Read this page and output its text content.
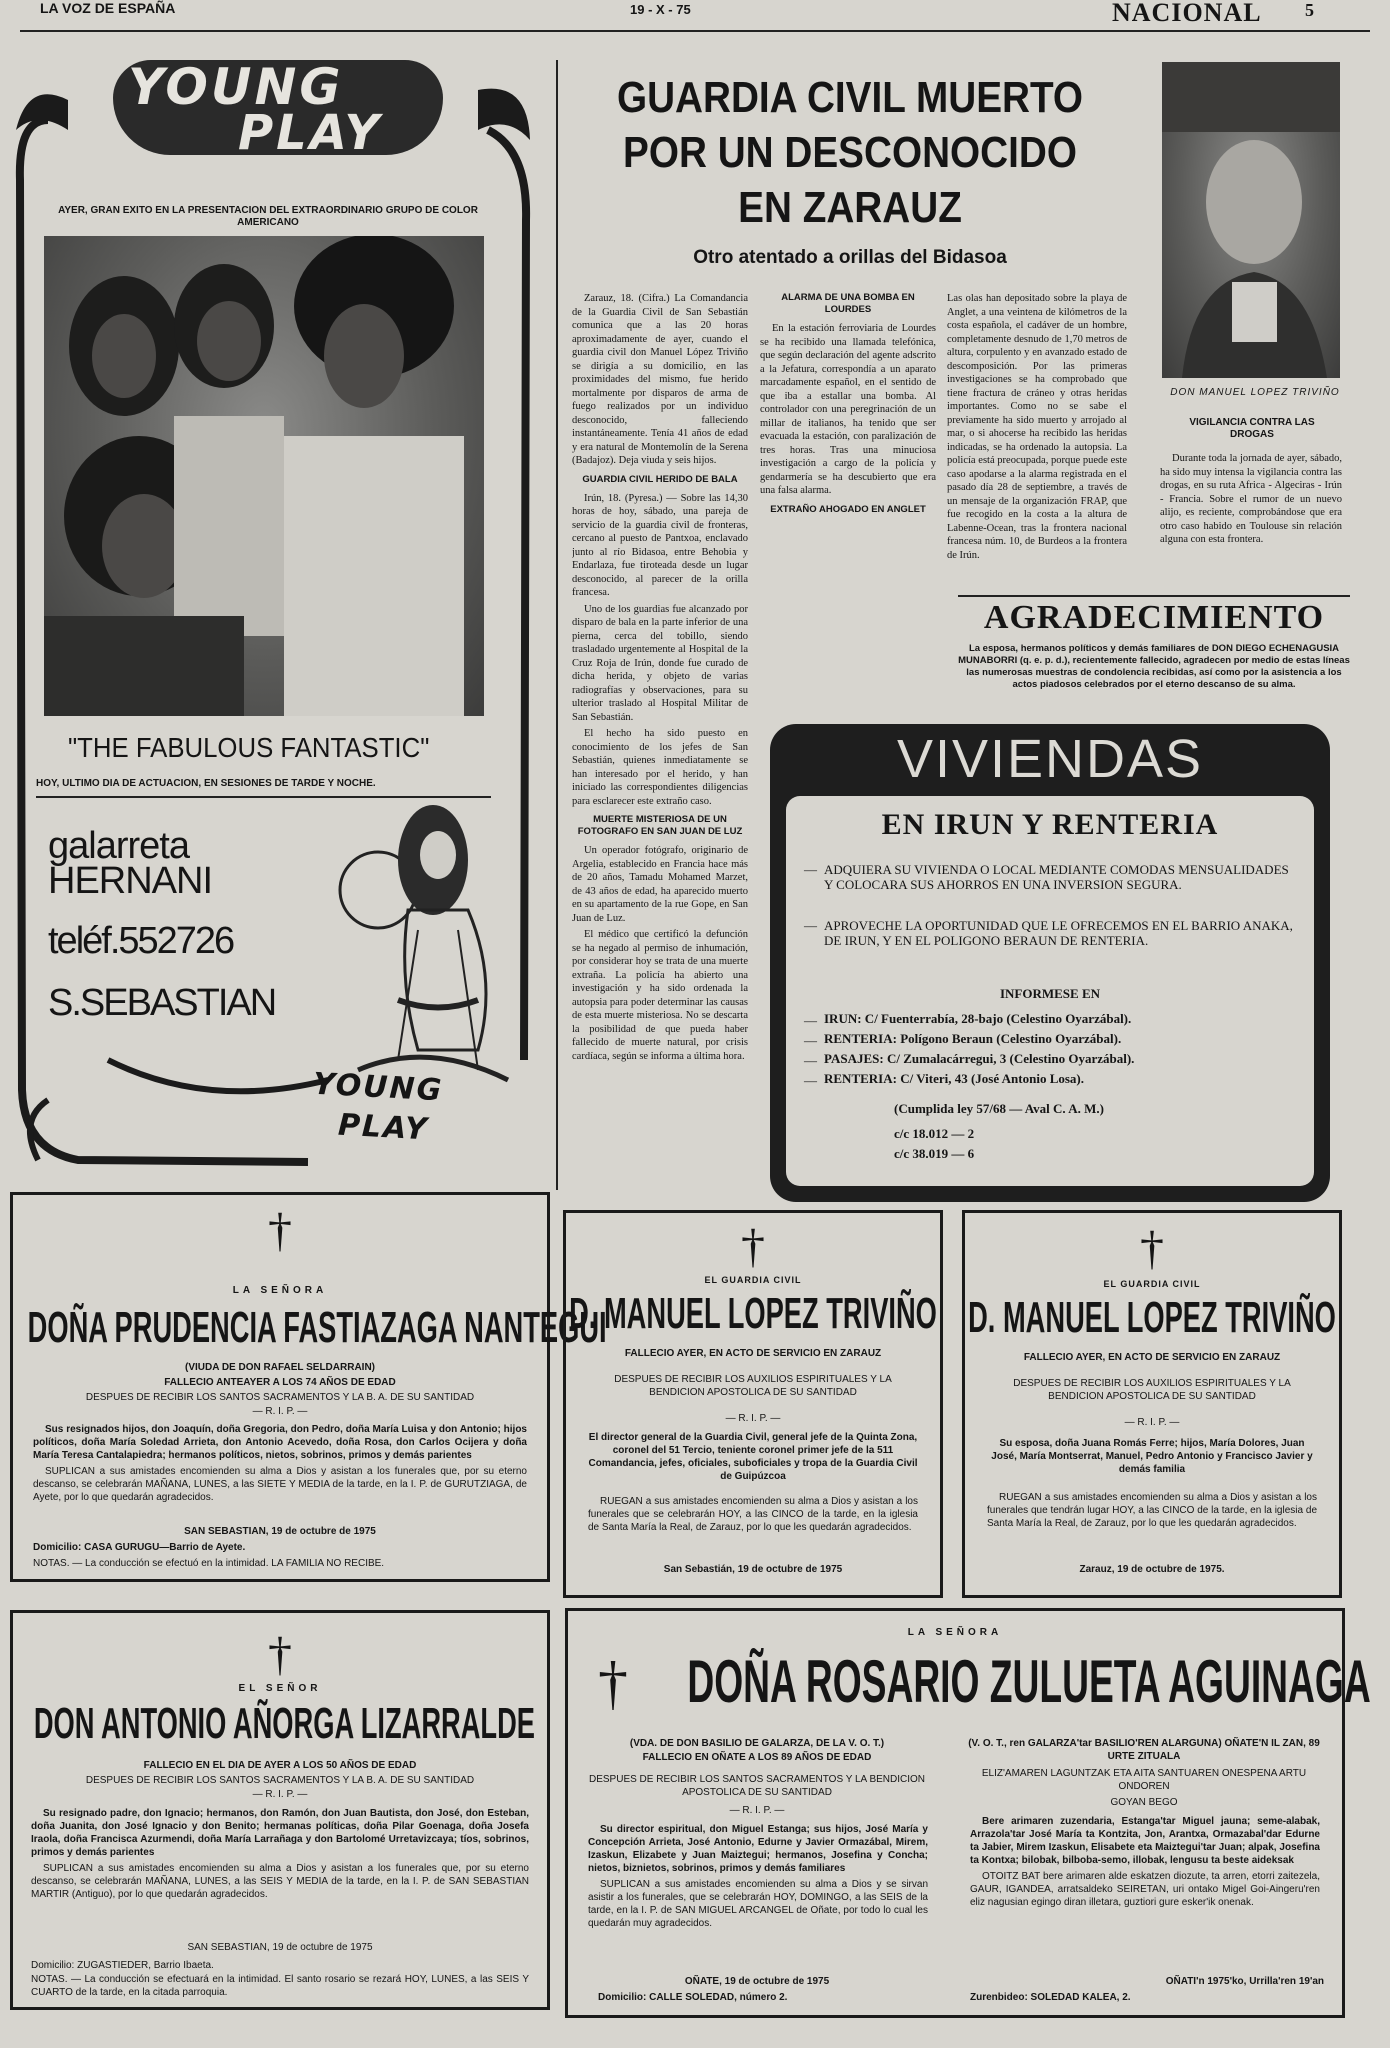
LA VOZ DE ESPAÑA	19 - X - 75	NACIONAL 5
YOUNG
PLAY
AYER, GRAN EXITO EN LA PRESENTACION DEL EXTRAORDINARIO GRUPO DE COLOR AMERICANO
"THE FABULOUS FANTASTIC"
HOY, ULTIMO DIA DE ACTUACION, EN SESIONES DE TARDE Y NOCHE.
galarreta
HERNANI
teléf.552726
S.SEBASTIAN
YOUNG
PLAY
GUARDIA CIVIL MUERTO
POR UN DESCONOCIDO
EN ZARAUZ
Otro atentado a orillas del Bidasoa

Zarauz, 18. (Cifra.) La Comandancia de la Guardia Civil de San Sebastián comunica que a las 20 horas aproximadamente de ayer, cuando el guardia civil don Manuel López Triviño se dirigía a su domicilio, en las proximidades del mismo, fue herido mortalmente por disparos de arma de fuego realizados por un individuo desconocido, falleciendo instantáneamente. Tenía 41 años de edad y era natural de Montemolín de la Serena (Badajoz). Deja viuda y seis hijos.

GUARDIA CIVIL HERIDO DE BALA

Irún, 18. (Pyresa.) — Sobre las 14,30 horas de hoy, sábado, una pareja de servicio de la guardia civil de fronteras, cercano al puesto de Pantxoa, enclavado junto al río Bidasoa, entre Behobia y Endarlaza, fue tiroteada desde un lugar desconocido, al parecer de la orilla francesa.

Uno de los guardias fue alcanzado por disparo de bala en la parte inferior de una pierna, cerca del tobillo, siendo trasladado urgentemente al Hospital de la Cruz Roja de Irún, donde fue curado de dicha herida, y objeto de varias radiografías y observaciones, para su ulterior traslado al Hospital Militar de San Sebastián.

El hecho ha sido puesto en conocimiento de los jefes de San Sebastián, quienes inmediatamente se han interesado por el herido, y han iniciado las correspondientes diligencias para esclarecer este extraño caso.

MUERTE MISTERIOSA DE UN FOTOGRAFO EN SAN JUAN DE LUZ

Un operador fotógrafo, originario de Argelia, establecido en Francia hace más de 20 años, Tamadu Mohamed Marzet, de 43 años de edad, ha aparecido muerto en su apartamento de la rue Gope, en San Juan de Luz.

El médico que certificó la defunción se ha negado al permiso de inhumación, por considerar hoy se trata de una muerte extraña. La policía ha abierto una investigación y ha sido ordenada la autopsia para poder determinar las causas de esta muerte misteriosa. No se descarta la posibilidad de que pueda haber fallecido de muerte natural, por crisis cardíaca, según se informa a última hora.

ALARMA DE UNA BOMBA EN LOURDES

En la estación ferroviaria de Lourdes se ha recibido una llamada telefónica, que según declaración del agente adscrito a la Jefatura, correspondía a un aparato marcadamente español, en el sentido de que iba a estallar una bomba. Al controlador con una peregrinación de un millar de italianos, ha tenido que ser evacuada la estación, con paralización de tres horas. Tras una minuciosa investigación a cargo de la policía y gendarmería se ha descubierto que era una falsa alarma.

EXTRAÑO AHOGADO EN ANGLET

Las olas han depositado sobre la playa de Anglet, a una veintena de kilómetros de la costa española, el cadáver de un hombre, completamente desnudo de 1,70 metros de altura, corpulento y en avanzado estado de descomposición. Por las primeras investigaciones se ha comprobado que tiene fractura de cráneo y otras heridas importantes. Como no se sabe el previamente ha sido muerto y arrojado al mar, o si ahocerse ha recibido las heridas indicadas, se ha ordenado la autopsia. La policía está preocupada, porque puede este caso apodarse a la alarma registrada en el pasado día 28 de septiembre, a través de un mensaje de la organización FRAP, que fue recogido en la costa a la altura de Labenne-Ocean, tras la frontera nacional francesa núm. 10, de Burdeos a la frontera de Irún.

DON MANUEL LOPEZ TRIVIÑO
VIGILANCIA CONTRA LAS DROGAS

Durante toda la jornada de ayer, sábado, ha sido muy intensa la vigilancia contra las drogas, en su ruta Africa - Algeciras - Irún - Francia. Sobre el rumor de un nuevo alijo, es reciente, comprobándose que era otro caso habido en Toulouse sin relación alguna con esta frontera.

AGRADECIMIENTO
La esposa, hermanos políticos y demás familiares de DON DIEGO ECHENAGUSIA MUNABORRI (q. e. p. d.), recientemente fallecido, agradecen por medio de estas líneas las numerosas muestras de condolencia recibidas, así como por la asistencia a los actos piadosos celebrados por el eterno descanso de su alma.
VIVIENDAS
EN IRUN Y RENTERIA
— ADQUIERA SU VIVIENDA O LOCAL MEDIANTE COMODAS MENSUALIDADES Y COLOCARA SUS AHORROS EN UNA INVERSION SEGURA.
— APROVECHE LA OPORTUNIDAD QUE LE OFRECEMOS EN EL BARRIO ANAKA, DE IRUN, Y EN EL POLIGONO BERAUN DE RENTERIA.
INFORMESE EN
IRUN: C/ Fuenterrabía, 28-bajo (Celestino Oyarzábal).
RENTERIA: Polígono Beraun (Celestino Oyarzábal).
PASAJES: C/ Zumalacárregui, 3 (Celestino Oyarzábal).
RENTERIA: C/ Viteri, 43 (José Antonio Losa).
—
—
—
—
(Cumplida ley 57/68 — Aval C. A. M.)
c/c 18.012 — 2
c/c 38.019 — 6
†
LA SEÑORA
DOÑA PRUDENCIA FASTIAZAGA NANTEGUI
(VIUDA DE DON RAFAEL SELDARRAIN)
FALLECIO ANTEAYER A LOS 74 AÑOS DE EDAD
DESPUES DE RECIBIR LOS SANTOS SACRAMENTOS Y LA B. A. DE SU SANTIDAD
— R. I. P. —

Sus resignados hijos, don Joaquín, doña Gregoria, don Pedro, doña María Luisa y don Antonio; hijos políticos, doña María Soledad Arrieta, don Antonio Acevedo, doña Rosa, don Carlos Ocijera y doña María Teresa Cantalapiedra; hermanos políticos, nietos, sobrinos, primos y demás parientes

SUPLICAN a sus amistades encomienden su alma a Dios y asistan a los funerales que, por su eterno descanso, se celebrarán MAÑANA, LUNES, a las SIETE Y MEDIA de la tarde, en la I. P. de GURUTZIAGA, de Ayete, por lo que quedarán agradecidos.

SAN SEBASTIAN, 19 de octubre de 1975
Domicilio: CASA GURUGU—Barrio de Ayete.
NOTAS. — La conducción se efectuó en la intimidad. LA FAMILIA NO RECIBE.
†
EL GUARDIA CIVIL
D. MANUEL LOPEZ TRIVIÑO
FALLECIO AYER, EN ACTO DE SERVICIO EN ZARAUZ
DESPUES DE RECIBIR LOS AUXILIOS ESPIRITUALES Y LA BENDICION APOSTOLICA DE SU SANTIDAD
— R. I. P. —
El director general de la Guardia Civil, general jefe de la Quinta Zona, coronel del 51 Tercio, teniente coronel primer jefe de la 511 Comandancia, jefes, oficiales, suboficiales y tropa de la Guardia Civil de Guipúzcoa

RUEGAN a sus amistades encomienden su alma a Dios y asistan a los funerales que se celebrarán HOY, a las CINCO de la tarde, en la iglesia de Santa María la Real, de Zarauz, por lo que les quedarán agradecidos.

San Sebastián, 19 de octubre de 1975
†
EL GUARDIA CIVIL
D. MANUEL LOPEZ TRIVIÑO
FALLECIO AYER, EN ACTO DE SERVICIO EN ZARAUZ
DESPUES DE RECIBIR LOS AUXILIOS ESPIRITUALES Y LA BENDICION APOSTOLICA DE SU SANTIDAD
— R. I. P. —
Su esposa, doña Juana Romás Ferre; hijos, María Dolores, Juan José, María Montserrat, Manuel, Pedro Antonio y Francisco Javier y demás familia

RUEGAN a sus amistades encomienden su alma a Dios y asistan a los funerales que tendrán lugar HOY, a las CINCO de la tarde, en la iglesia de Santa María la Real, de Zarauz, por lo que les quedarán agradecidos.

Zarauz, 19 de octubre de 1975.
†
EL SEÑOR
DON ANTONIO AÑORGA LIZARRALDE
FALLECIO EN EL DIA DE AYER A LOS 50 AÑOS DE EDAD
DESPUES DE RECIBIR LOS SANTOS SACRAMENTOS Y LA B. A. DE SU SANTIDAD
— R. I. P. —

Su resignado padre, don Ignacio; hermanos, don Ramón, don Juan Bautista, don José, don Esteban, doña Juanita, don José Ignacio y don Benito; hermanas políticas, doña Pilar Goenaga, doña Josefa Iraola, doña Francisca Azurmendi, doña María Larrañaga y don Bartolomé Urretavizcaya; tíos, sobrinos, primos y demás parientes

SUPLICAN a sus amistades encomienden su alma a Dios y asistan a los funerales que, por su eterno descanso, se celebrarán MAÑANA, LUNES, a las SEIS Y MEDIA de la tarde, en la I. P. de SAN SEBASTIAN MARTIR (Antiguo), por lo que quedarán agradecidos.

SAN SEBASTIAN, 19 de octubre de 1975
Domicilio: ZUGASTIEDER, Barrio Ibaeta.
NOTAS. — La conducción se efectuará en la intimidad. El santo rosario se rezará HOY, LUNES, a las SEIS Y CUARTO de la tarde, en la citada parroquia.
LA SEÑORA
† DOÑA ROSARIO ZULUETA AGUINAGA
(VDA. DE DON BASILIO DE GALARZA, DE LA V. O. T.)
FALLECIO EN OÑATE A LOS 89 AÑOS DE EDAD
DESPUES DE RECIBIR LOS SANTOS SACRAMENTOS Y LA BENDICION APOSTOLICA DE SU SANTIDAD
— R. I. P. —

Su director espiritual, don Miguel Estanga; sus hijos, José María y Concepción Arrieta, José Antonio, Edurne y Javier Ormazábal, Mirem, Izaskun, Elizabete y Juan Maiztegui; hermanos, Josefina y Concha; nietos, biznietos, sobrinos, primos y demás familiares

SUPLICAN a sus amistades encomienden su alma a Dios y se sirvan asistir a los funerales, que se celebrarán HOY, DOMINGO, a las SEIS de la tarde, en la I. P. de SAN MIGUEL ARCANGEL de Oñate, por todo lo cual les quedarán muy agradecidos.

OÑATE, 19 de octubre de 1975
Domicilio: CALLE SOLEDAD, número 2.
(V. O. T., ren GALARZA'tar BASILIO'REN ALARGUNA) OÑATE'N IL ZAN, 89 URTE ZITUALA
ELIZ'AMAREN LAGUNTZAK ETA AITA SANTUAREN ONESPENA ARTU ONDOREN
GOYAN BEGO

Bere arimaren zuzendaria, Estanga'tar Miguel jauna; seme-alabak, Arrazola'tar José María ta Kontzita, Jon, Arantxa, Ormazabal'dar Edurne ta Jabier, Mirem Izaskun, Elisabete eta Maiztegui'tar Juan; alpak, Josefina ta Kontxa; bilobak, bilboba-semo, illobak, lengusu ta beste aideksak

OTOITZ BAT bere arimaren alde eskatzen diozute, ta arren, etorri zaitezela, GAUR, IGANDEA, arratsaldeko SEIRETAN, uri ontako Migel Goi-Aingeru'ren eliz nagusian egingo diran illetara, guztiori gure esker'ik onenak.

OÑATI'n 1975'ko, Urrilla'ren 19'an
Zurenbideo: SOLEDAD KALEA, 2.
